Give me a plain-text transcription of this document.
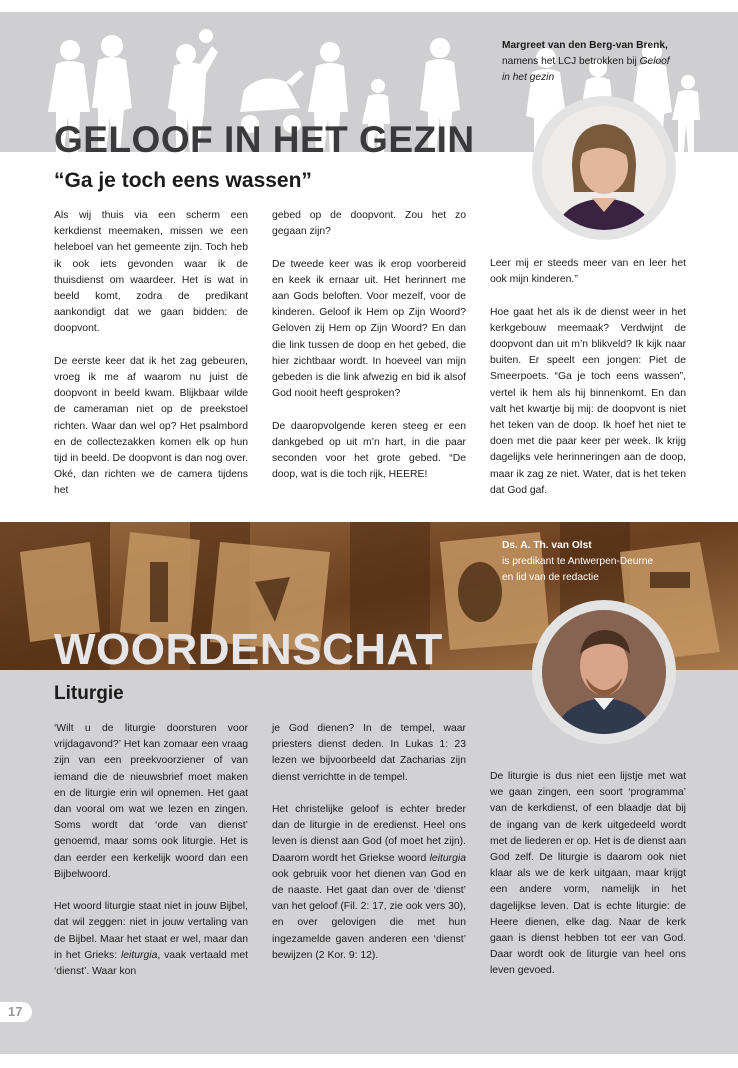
GELOOF IN HET GEZIN
“Ga je toch eens wassen”
Margreet van den Berg-van Brenk,
namens het LCJ betrokken bij Geloof
in het gezin

Als wij thuis via een scherm een kerkdienst meemaken, missen we een heleboel van het gemeente zijn. Toch heb ik ook iets gevonden waar ik de thuisdienst om waardeer. Het is wat in beeld komt, zodra de predikant aankondigt dat we gaan bidden: de doopvont.

De eerste keer dat ik het zag gebeuren, vroeg ik me af waarom nu juist de doopvont in beeld kwam. Blijkbaar wilde de cameraman niet op de preekstoel richten. Waar dan wel op? Het psalmbord en de collectezakken komen elk op hun tijd in beeld. De doopvont is dan nog over. Oké, dan richten we de camera tijdens het

gebed op de doopvont. Zou het zo gegaan zijn?

De tweede keer was ik erop voorbereid en keek ik ernaar uit. Het herinnert me aan Gods beloften. Voor mezelf, voor de kinderen. Geloof ik Hem op Zijn Woord? Geloven zij Hem op Zijn Woord? En dan die link tussen de doop en het gebed, die hier zichtbaar wordt. In hoeveel van mijn gebeden is die link afwezig en bid ik alsof God nooit heeft gesproken?

De daaropvolgende keren steeg er een dankgebed op uit m’n hart, in die paar seconden voor het grote gebed. “De doop, wat is die toch rijk, HEERE!

Leer mij er steeds meer van en leer het ook mijn kinderen.”

Hoe gaat het als ik de dienst weer in het kerkgebouw meemaak? Verdwijnt de doopvont dan uit m’n blikveld? Ik kijk naar buiten. Er speelt een jongen: Piet de Smeerpoets. “Ga je toch eens wassen”, vertel ik hem als hij binnenkomt. En dan valt het kwartje bij mij: de doopvont is niet het teken van de doop. Ik hoef het niet te doen met die paar keer per week. Ik krijg dagelijks vele herinneringen aan de doop, maar ik zag ze niet. Water, dat is het teken dat God gaf.

WOORDENSCHAT
Liturgie
Ds. A. Th. van Olst
is predikant te Antwerpen-Deurne
en lid van de redactie

‘Wilt u de liturgie doorsturen voor vrijdagavond?’ Het kan zomaar een vraag zijn van een preekvoorziener of van iemand die de nieuwsbrief moet maken en de liturgie erin wil opnemen. Het gaat dan vooral om wat we lezen en zingen. Soms wordt dat ‘orde van dienst’ genoemd, maar soms ook liturgie. Het is dan eerder een kerkelijk woord dan een Bijbelwoord.

Het woord liturgie staat niet in jouw Bijbel, dat wil zeggen: niet in jouw vertaling van de Bijbel. Maar het staat er wel, maar dan in het Grieks: leiturgia, vaak vertaald met ‘dienst’. Waar kon

je God dienen? In de tempel, waar priesters dienst deden. In Lukas 1: 23 lezen we bijvoorbeeld dat Zacharias zijn dienst verrichtte in de tempel.

Het christelijke geloof is echter breder dan de liturgie in de eredienst. Heel ons leven is dienst aan God (of moet het zijn). Daarom wordt het Griekse woord leiturgia ook gebruik voor het dienen van God en de naaste. Het gaat dan over de ‘dienst’ van het geloof (Fil. 2: 17, zie ook vers 30), en over gelovigen die met hun ingezamelde gaven anderen een ‘dienst’ bewijzen (2 Kor. 9: 12).

De liturgie is dus niet een lijstje met wat we gaan zingen, een soort ‘programma’ van de kerkdienst, of een blaadje dat bij de ingang van de kerk uitgedeeld wordt met de liederen er op. Het is de dienst aan God zelf. De liturgie is daarom ook niet klaar als we de kerk uitgaan, maar krijgt een andere vorm, namelijk in het dagelijkse leven. Dat is echte liturgie: de Heere dienen, elke dag. Naar de kerk gaan is dienst hebben tot eer van God. Daar wordt ook de liturgie van heel ons leven gevoed.

17
